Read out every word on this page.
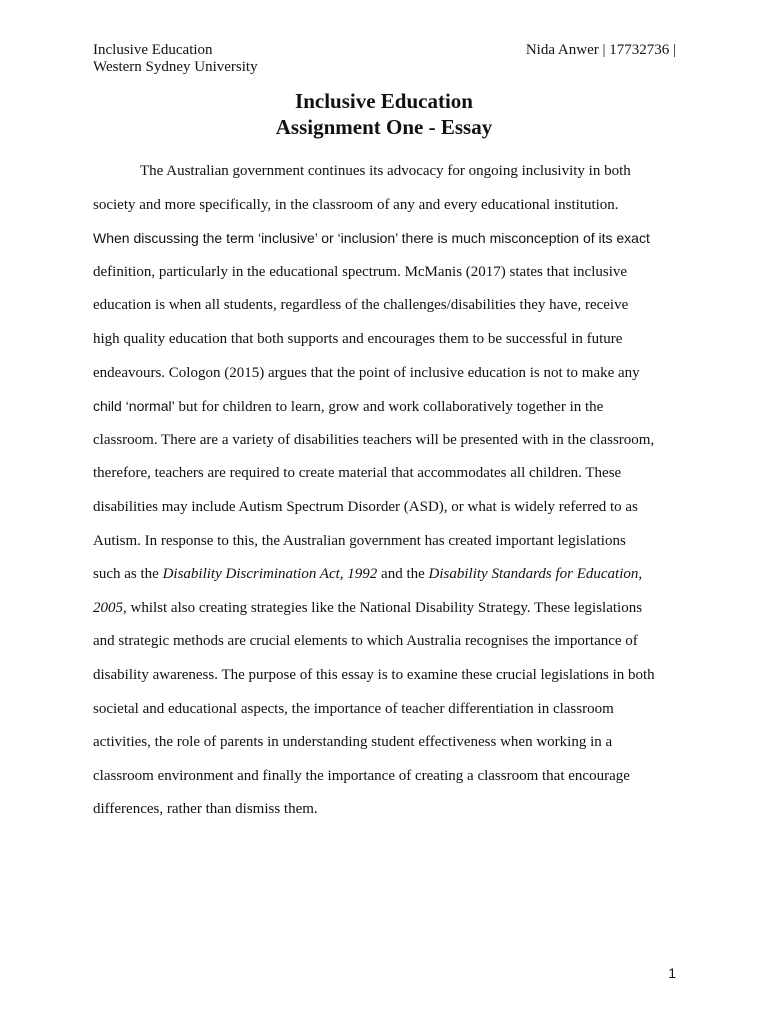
Inclusive Education
Western Sydney University
Nida Anwer | 17732736 |
Inclusive Education
Assignment One - Essay
The Australian government continues its advocacy for ongoing inclusivity in both
society and more specifically, in the classroom of any and every educational institution.
When discussing the term ‘inclusive’ or ‘inclusion’ there is much misconception of its exact
definition, particularly in the educational spectrum. McManis (2017) states that inclusive
education is when all students, regardless of the challenges/disabilities they have, receive
high quality education that both supports and encourages them to be successful in future
endeavours. Cologon (2015) argues that the point of inclusive education is not to make any
child ‘normal’ but for children to learn, grow and work collaboratively together in the
classroom. There are a variety of disabilities teachers will be presented with in the classroom,
therefore, teachers are required to create material that accommodates all children. These
disabilities may include Autism Spectrum Disorder (ASD), or what is widely referred to as
Autism. In response to this, the Australian government has created important legislations
such as the Disability Discrimination Act, 1992 and the Disability Standards for Education,
2005, whilst also creating strategies like the National Disability Strategy. These legislations
and strategic methods are crucial elements to which Australia recognises the importance of
disability awareness. The purpose of this essay is to examine these crucial legislations in both
societal and educational aspects, the importance of teacher differentiation in classroom
activities, the role of parents in understanding student effectiveness when working in a
classroom environment and finally the importance of creating a classroom that encourage
differences, rather than dismiss them.
1
